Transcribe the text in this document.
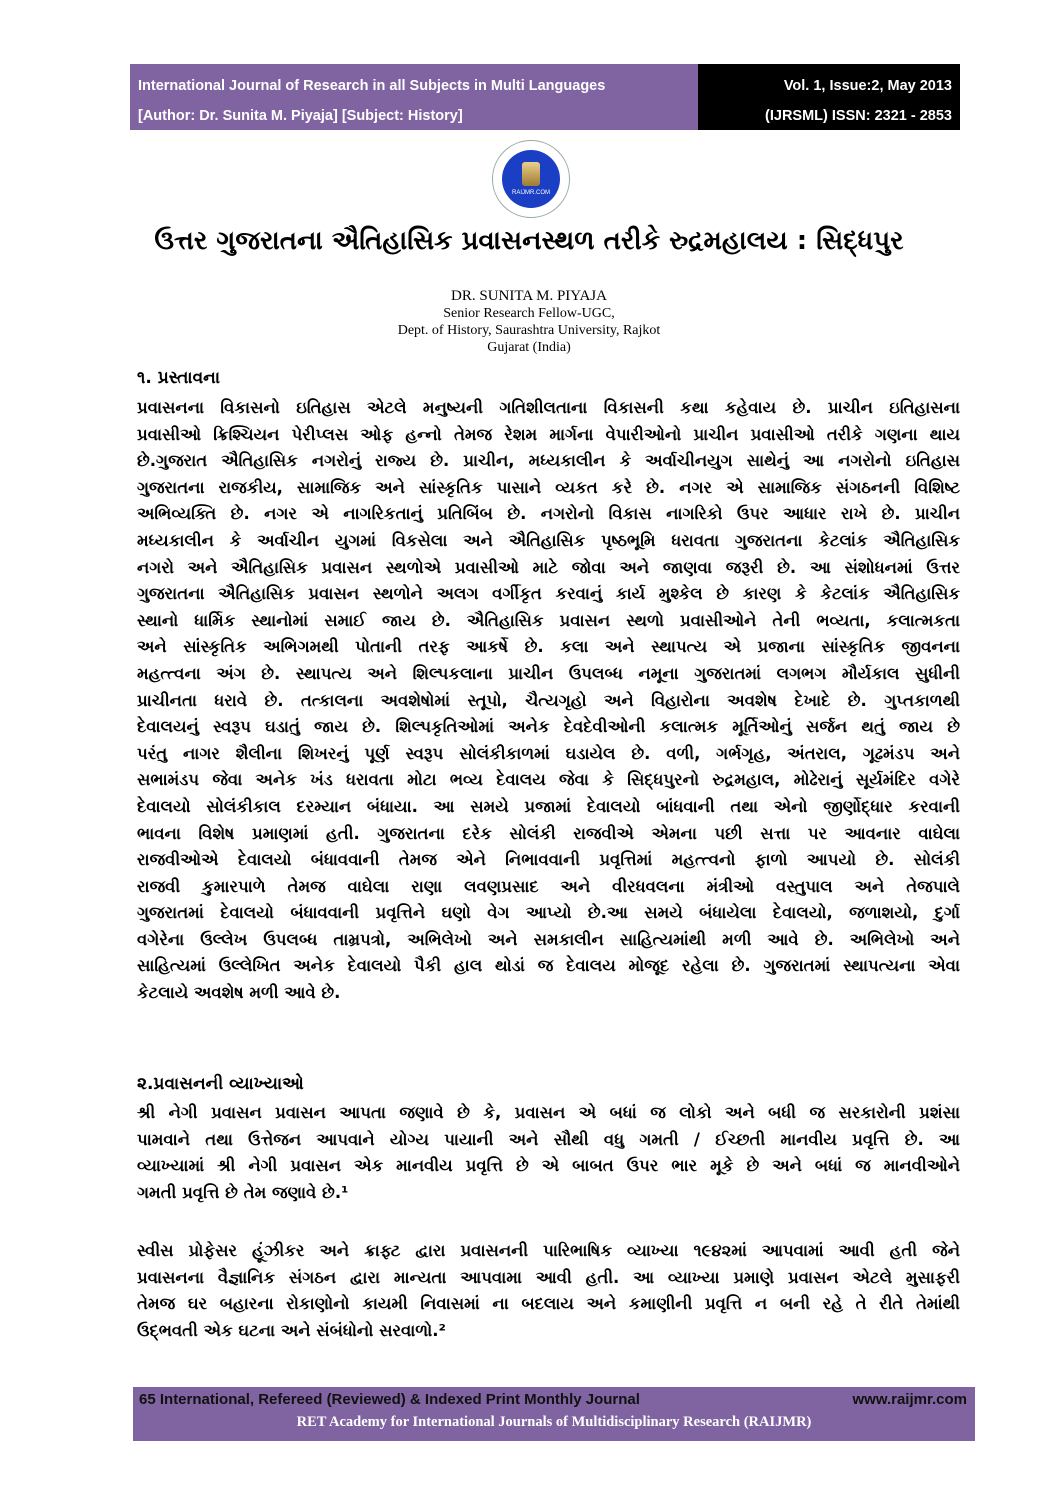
International Journal of Research in all Subjects in Multi Languages
[Author: Dr. Sunita M. Piyaja] [Subject: History]
Vol. 1, Issue:2, May 2013
(IJRSML) ISSN: 2321 - 2853
RAIJMR.COM
ઉત્તર ગુજરાતના ઐતિહાસિક પ્રવાસનસ્થળ તરીકે રુદ્રમહાલય : સિદ્ધપુર
DR. SUNITA M. PIYAJA
Senior Research Fellow-UGC,
Dept. of History, Saurashtra University, Rajkot
Gujarat (India)
૧. પ્રસ્તાવના
પ્રવાસનના વિકાસનો ઇતિહાસ એટલે મનુષ્યની ગતિશીલતાના વિકાસની કથા કહેવાય છે. પ્રાચીન ઇતિહાસના
પ્રવાસીઓ ક્રિશ્ચિયન પેરીપ્લસ ઓફ હન્નો તેમજ રેશમ માર્ગના વેપારીઓનો પ્રાચીન પ્રવાસીઓ તરીકે ગણના થાય
છે.ગુજરાત ઐતિહાસિક નગરોનું રાજ્ય છે. પ્રાચીન, મધ્યકાલીન કે અર્વાચીનયુગ સાથેનું આ નગરોનો ઇતિહાસ
ગુજરાતના રાજકીય, સામાજિક અને સાંસ્કૃતિક પાસાને વ્યકત કરે છે. નગર એ સામાજિક સંગઠનની વિશિષ્ટ
અભિવ્યક્તિ છે. નગર એ નાગરિકતાનું પ્રતિબિંબ છે. નગરોનો વિકાસ નાગરિકો ઉપર આધાર રાખે છે. પ્રાચીન
મધ્યકાલીન કે અર્વાચીન યુગમાં વિકસેલા અને ઐતિહાસિક પૃષ્ઠભૂમિ ધરાવતા ગુજરાતના કેટલાંક ઐતિહાસિક
નગરો અને ઐતિહાસિક પ્રવાસન સ્થળોએ પ્રવાસીઓ માટે જોવા અને જાણવા જરૂરી છે. આ સંશોધનમાં ઉત્તર
ગુજરાતના ઐતિહાસિક પ્રવાસન સ્થળોને અલગ વર્ગીકૃત કરવાનું કાર્ય મુશ્કેલ છે કારણ કે કેટલાંક ઐતિહાસિક
સ્થાનો ધાર્મિક સ્થાનોમાં સમાઈ જાય છે. ઐતિહાસિક પ્રવાસન સ્થળો પ્રવાસીઓને તેની ભવ્યતા, કલાત્મકતા
અને સાંસ્કૃતિક અભિગમથી પોતાની તરફ આકર્ષે છે. કલા અને સ્થાપત્ય એ પ્રજાના સાંસ્કૃતિક જીવનના
મહત્ત્વના અંગ છે. સ્થાપત્ય અને શિલ્પકલાના પ્રાચીન ઉપલબ્ધ નમૂના ગુજરાતમાં લગભગ મૌર્યકાલ સુધીની
પ્રાચીનતા ધરાવે છે. તત્કાલના અવશેષોમાં સ્તૂપો, ચૈત્યગૃહો અને વિહારોના અવશેષ દેખાદે છે. ગુપ્તકાળથી
દેવાલયનું સ્વરૂપ ઘડાતું જાય છે. શિલ્પકૃતિઓમાં અનેક દેવદેવીઓની કલાત્મક મૂર્તિઓનું સર્જન થતું જાય છે
પરંતુ નાગર શૈલીના શિખરનું પૂર્ણ સ્વરૂપ સોલંકીકાળમાં ઘડાયેલ છે. વળી, ગર્ભગૃહ, અંતરાલ, ગૂઢમંડપ અને
સભામંડપ જેવા અનેક ખંડ ધરાવતા મોટા ભવ્ય દેવાલય જેવા કે સિદ્ધપુરનો રુદ્રમહાલ, મોઢેરાનું સૂર્યમંદિર વગેરે
દેવાલયો સોલંકીકાલ દરમ્યાન બંધાયા. આ સમયે પ્રજામાં દેવાલયો બાંધવાની તથા એનો જીર્ણોદ્ધાર કરવાની
ભાવના વિશેષ પ્રમાણમાં હતી. ગુજરાતના દરેક સોલંકી રાજવીએ એમના પછી સત્તા પર આવનાર વાઘેલા
રાજવીઓએ દેવાલયો બંધાવવાની તેમજ એને નિભાવવાની પ્રવૃત્તિમાં મહત્ત્વનો ફાળો આપયો છે. સોલંકી
રાજવી કુમારપાળે તેમજ વાઘેલા રાણા લવણપ્રસાદ અને વીરધવલના મંત્રીઓ વસ્તુપાલ અને તેજપાલે
ગુજરાતમાં દેવાલયો બંધાવવાની પ્રવૃત્તિને ઘણો વેગ આપ્યો છે.આ સમયે બંધાયેલા દેવાલયો, જળાશયો, દુર્ગા
વગેરેના ઉલ્લેખ ઉપલબ્ધ તામ્રપત્રો, અભિલેખો અને સમકાલીન સાહિત્યમાંથી મળી આવે છે. અભિલેખો અને
સાહિત્યમાં ઉલ્લેખિત અનેક દેવાલયો પૈકી હાલ થોડાં જ દેવાલય મોજૂદ રહેલા છે. ગુજરાતમાં સ્થાપત્યના એવા
કેટલાયે અવશેષ મળી આવે છે.
૨.પ્રવાસનની વ્યાખ્યાઓ
શ્રી નેગી પ્રવાસન પ્રવાસન આપતા જણાવે છે કે, પ્રવાસન એ બધાં જ લોકો અને બધી જ સરકારોની પ્રશંસા
પામવાને તથા ઉત્તેજન આપવાને યોગ્ય પાયાની અને સૌથી વધુ ગમતી / ઈચ્છતી માનવીય પ્રવૃત્તિ છે. આ
વ્યાખ્યામાં શ્રી નેગી પ્રવાસન એક માનવીય પ્રવૃત્તિ છે એ બાબત ઉપર ભાર મૂકે છે અને બધાં જ માનવીઓને
ગમતી પ્રવૃત્તિ છે તેમ જણાવે છે.¹
સ્વીસ પ્રોફેસર હૂંઝીકર અને ક્રાફ્ટ દ્વારા પ્રવાસનની પારિભાષિક વ્યાખ્યા ૧૯૪૨માં આપવામાં આવી હતી જેને
પ્રવાસનના વૈજ્ઞાનિક સંગઠન દ્વારા માન્યતા આપવામા આવી હતી. આ વ્યાખ્યા પ્રમાણે પ્રવાસન એટલે મુસાફરી
તેમજ ઘર બહારના રોકાણોનો કાયમી નિવાસમાં ના બદલાય અને કમાણીની પ્રવૃત્તિ ન બની રહે તે રીતે તેમાંથી
ઉદ્ભવતી એક ઘટના અને સંબંધોનો સરવાળો.²
65 International, Refereed (Reviewed) & Indexed Print Monthly Journal	www.raijmr.com
RET Academy for International Journals of Multidisciplinary Research (RAIJMR)
